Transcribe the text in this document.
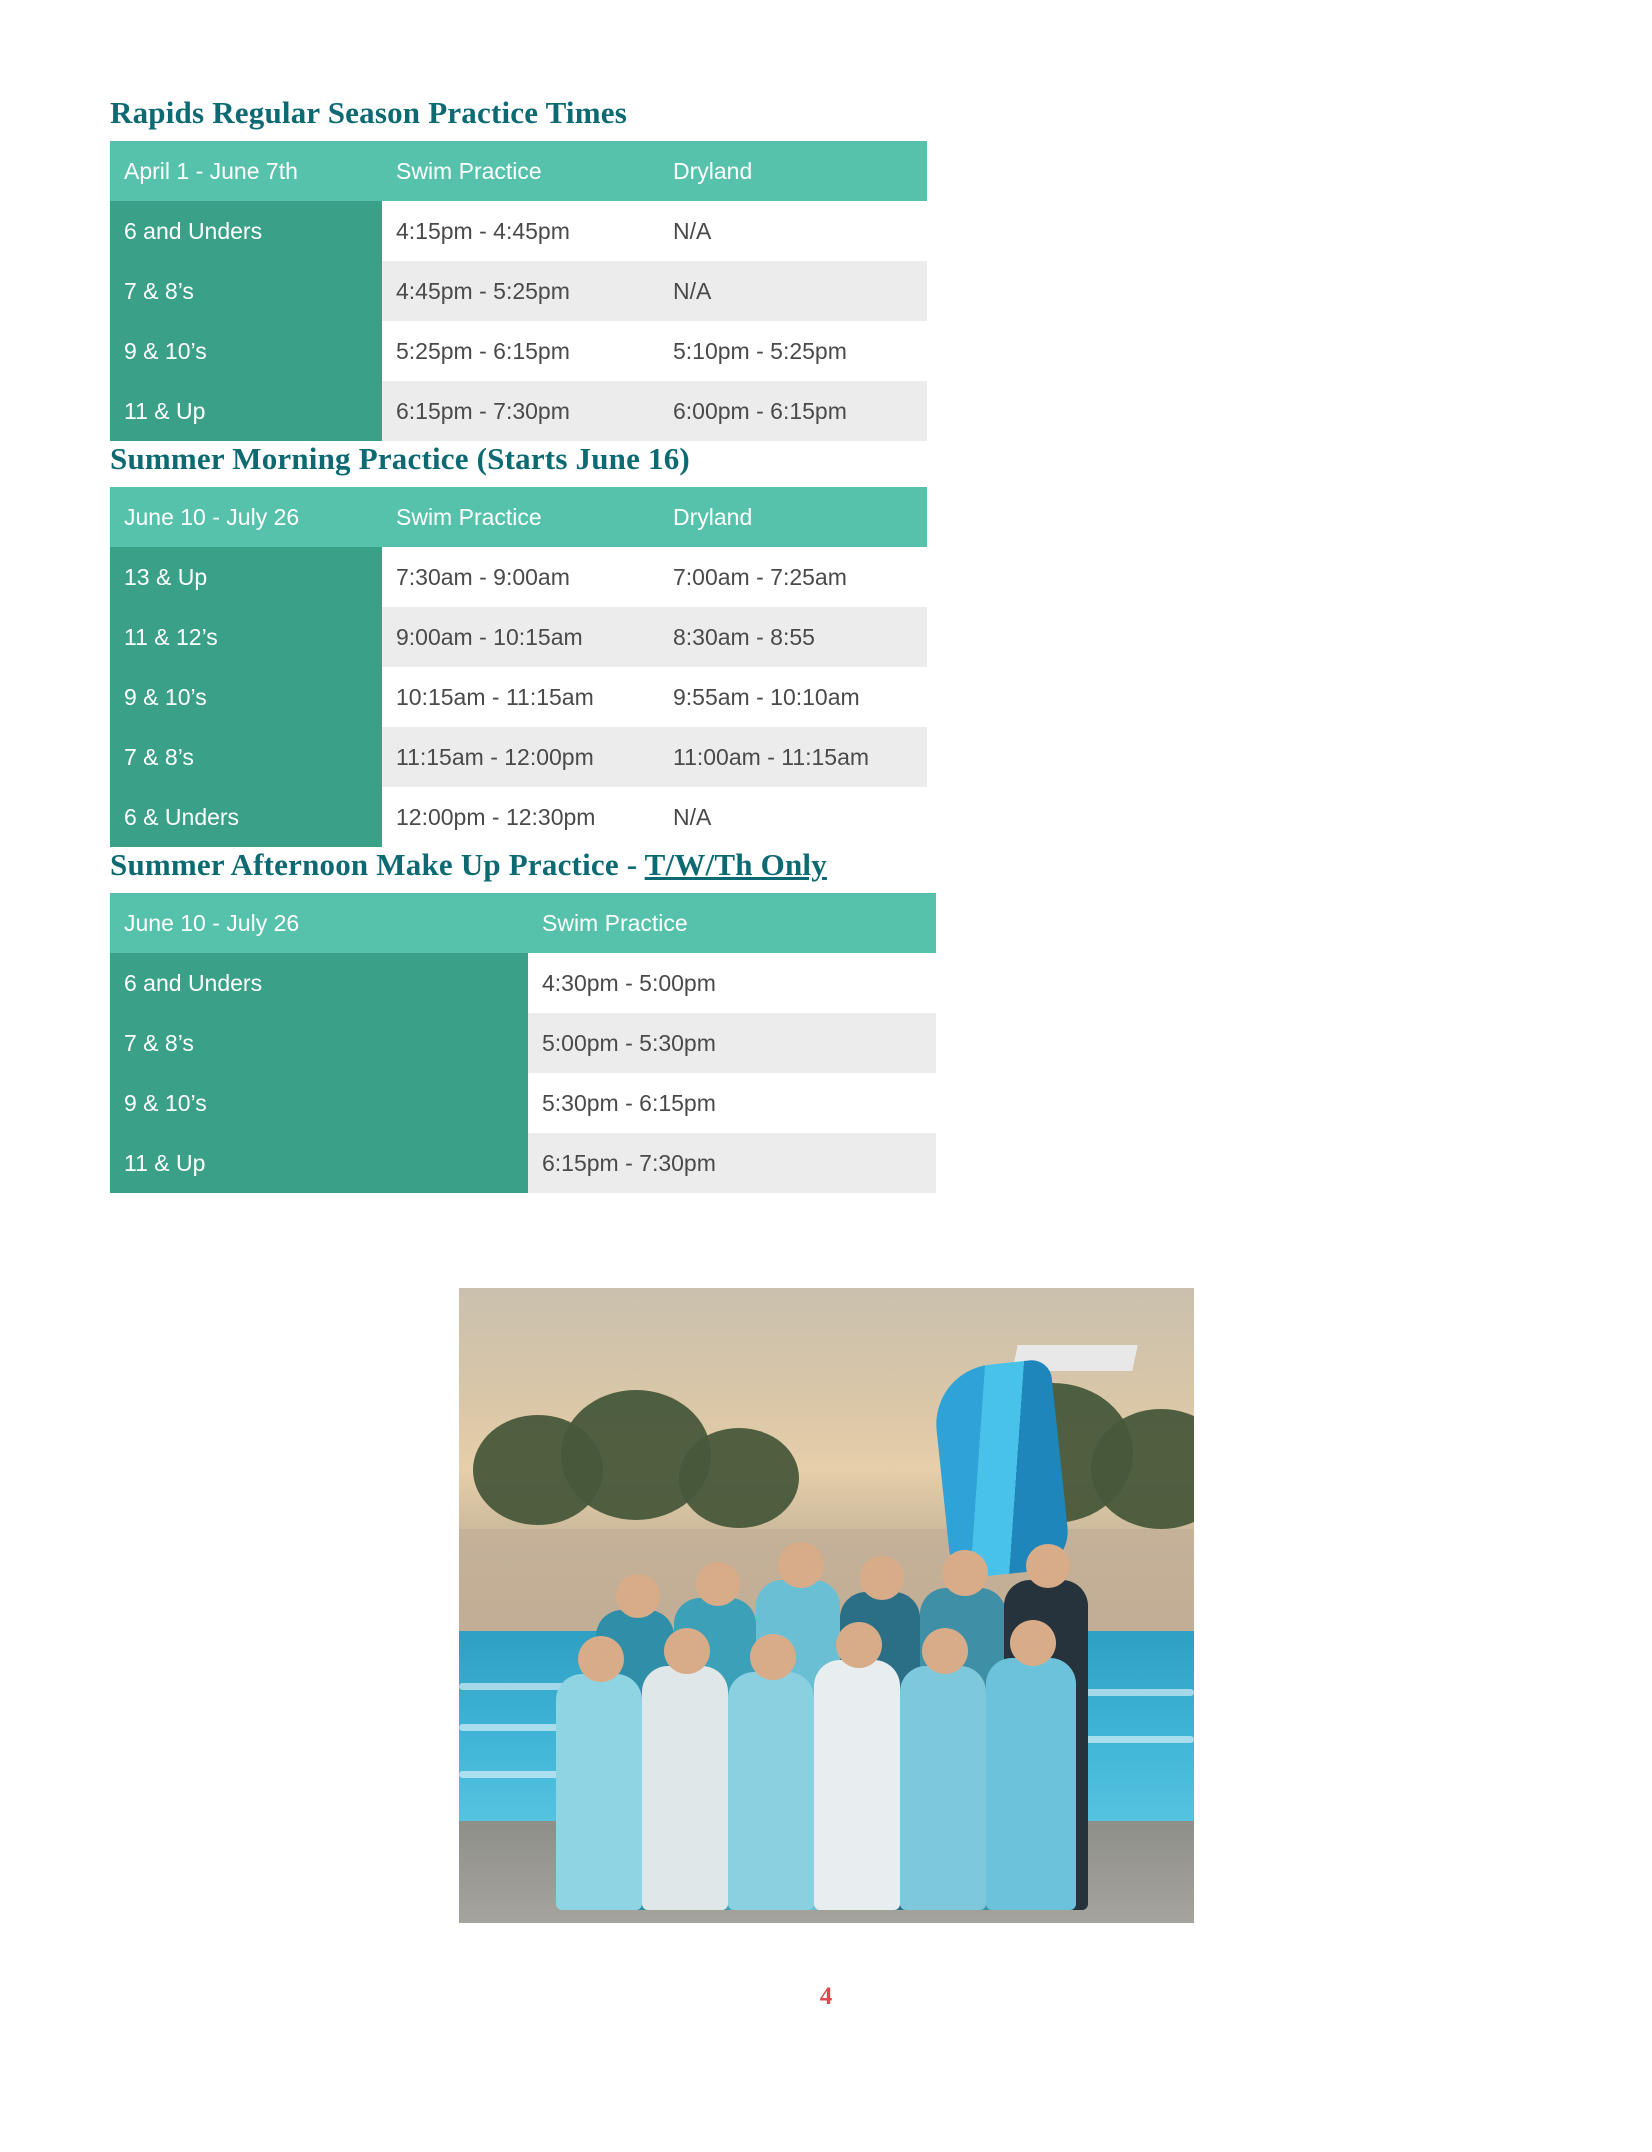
Rapids Regular Season Practice Times
April 1 - June 7th	Swim Practice	Dryland
6 and Unders	4:15pm - 4:45pm	N/A
7 & 8’s	4:45pm - 5:25pm	N/A
9 & 10’s	5:25pm - 6:15pm	5:10pm - 5:25pm
11 & Up	6:15pm - 7:30pm	6:00pm - 6:15pm
Summer Morning Practice (Starts June 16)
June 10 - July 26	Swim Practice	Dryland
13 & Up	7:30am - 9:00am	7:00am - 7:25am
11 & 12’s	9:00am - 10:15am	8:30am - 8:55
9 & 10’s	10:15am - 11:15am	9:55am - 10:10am
7 & 8’s	11:15am - 12:00pm	11:00am - 11:15am
6 & Unders	12:00pm - 12:30pm	N/A
Summer Afternoon Make Up Practice - T/W/Th Only
June 10 - July 26	Swim Practice
6 and Unders	4:30pm - 5:00pm
7 & 8’s	5:00pm - 5:30pm
9 & 10’s	5:30pm - 6:15pm
11 & Up	6:15pm - 7:30pm
4
